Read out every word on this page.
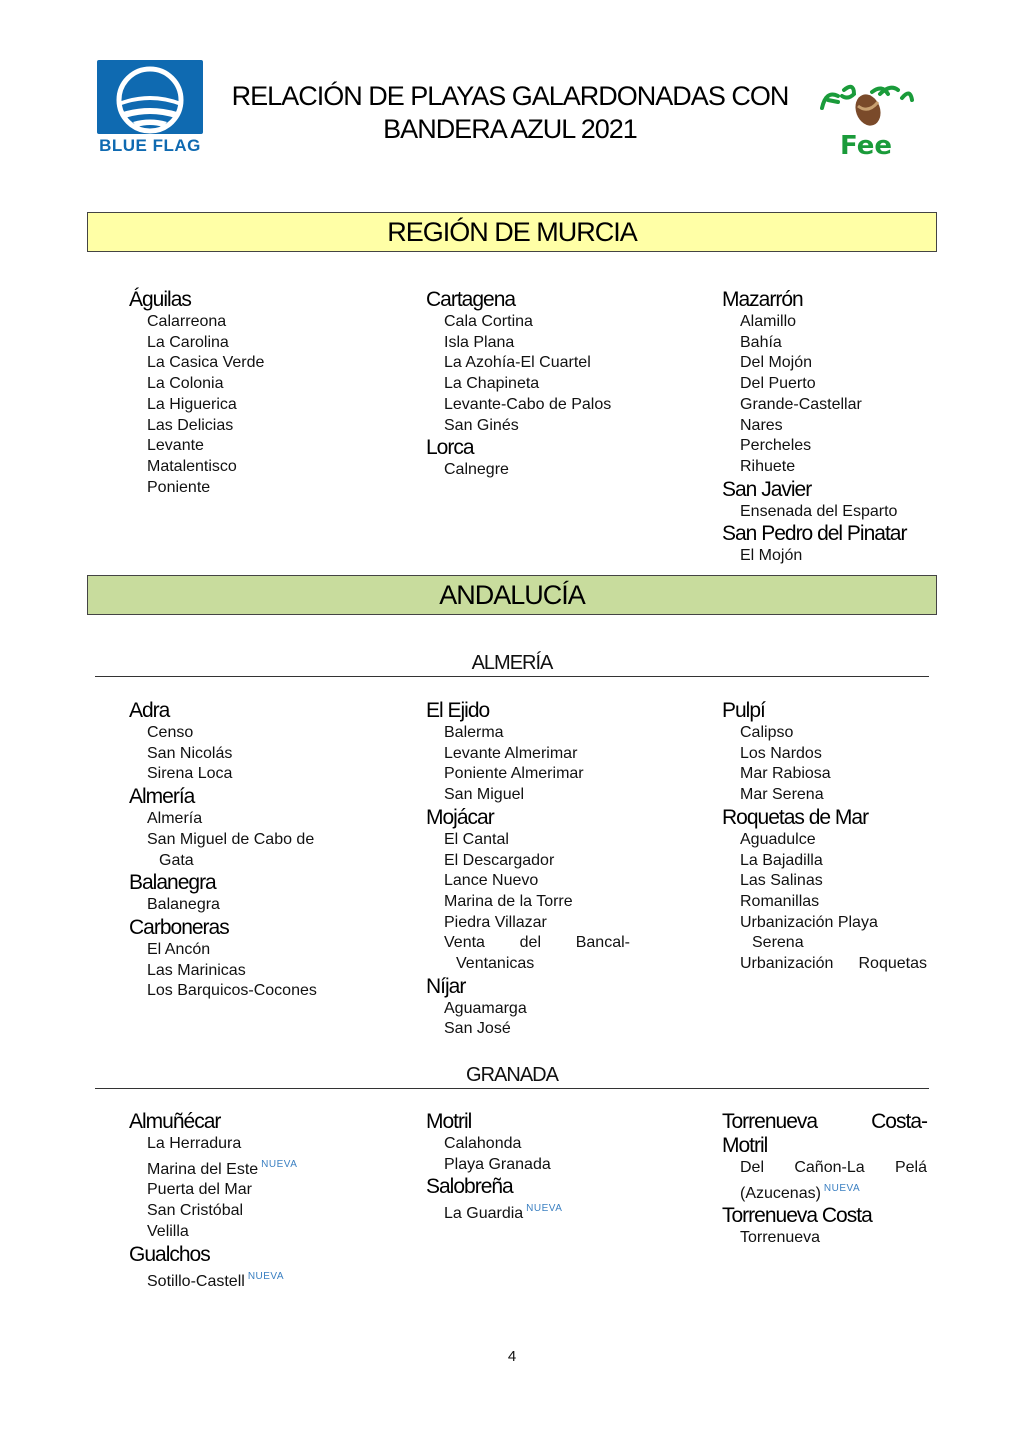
BLUE FLAG
RELACIÓN DE PLAYAS GALARDONADAS CON
BANDERA AZUL 2021
Fee
REGIÓN DE MURCIA
Águilas
Calarreona
La Carolina
La Casica Verde
La Colonia
La Higuerica
Las Delicias
Levante
Matalentisco
Poniente
Cartagena
Cala Cortina
Isla Plana
La Azohía-El Cuartel
La Chapineta
Levante-Cabo de Palos
San Ginés
Lorca
Calnegre
Mazarrón
Alamillo
Bahía
Del Mojón
Del Puerto
Grande-Castellar
Nares
Percheles
Rihuete
San Javier
Ensenada del Esparto
San Pedro del Pinatar
El Mojón
ANDALUCÍA
ALMERÍA
Adra
Censo
San Nicolás
Sirena Loca
Almería
Almería
San Miguel de Cabo de
Gata
Balanegra
Balanegra
Carboneras
El Ancón
Las Marinicas
Los Barquicos-Cocones
El Ejido
Balerma
Levante Almerimar
Poniente Almerimar
San Miguel
Mojácar
El Cantal
El Descargador
Lance Nuevo
Marina de la Torre
Piedra Villazar
Venta del Bancal-
Ventanicas
Níjar
Aguamarga
San José
Pulpí
Calipso
Los Nardos
Mar Rabiosa
Mar Serena
Roquetas de Mar
Aguadulce
La Bajadilla
Las Salinas
Romanillas
Urbanización Playa
Serena
Urbanización Roquetas
GRANADA
Almuñécar
La Herradura
Marina del Este $^{NUEVA}$
Puerta del Mar
San Cristóbal
Velilla
Gualchos
Sotillo-Castell $^{NUEVA}$
Motril
Calahonda
Playa Granada
Salobreña
La Guardia $^{NUEVA}$
Torrenueva	Costa-
Motril
Del Cañon-La Pelá
(Azucenas) $^{NUEVA}$
Torrenueva Costa
Torrenueva
4
